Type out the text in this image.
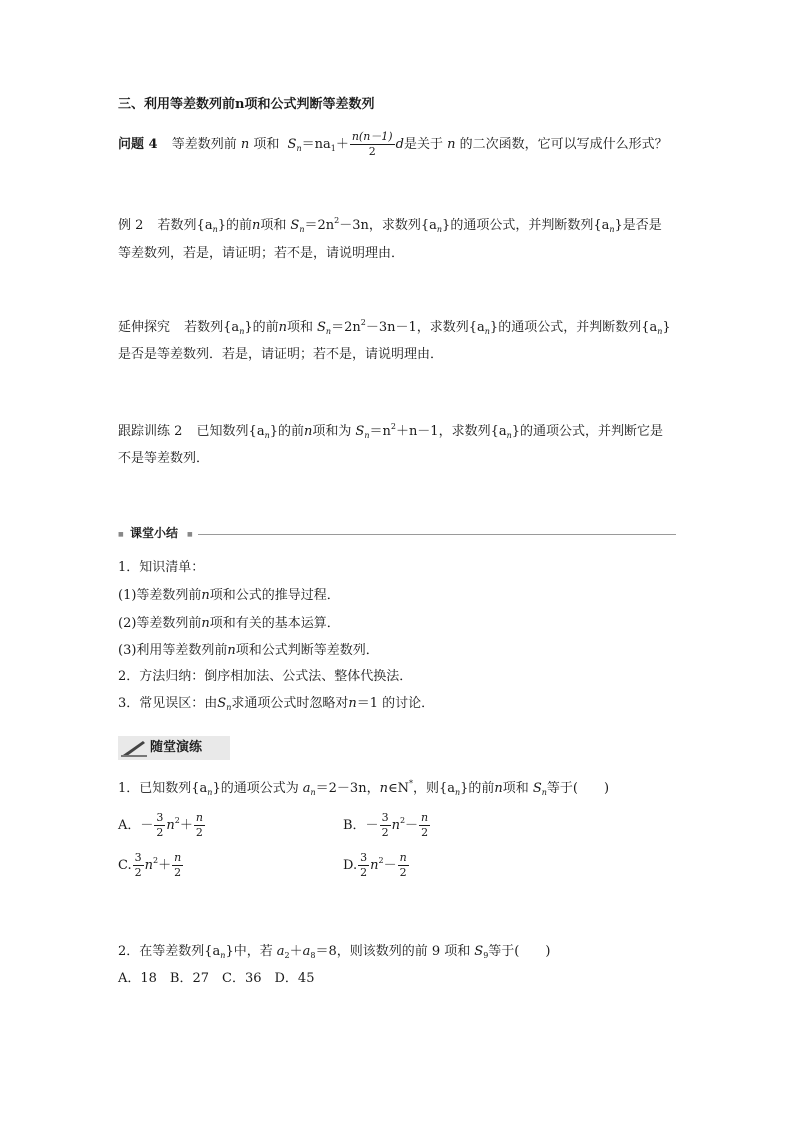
三、利用等差数列前n项和公式判断等差数列
问题 4 等差数列前 n 项和 $S_n=na_1+ \frac{n(n-1)}{2}$ d是关于 n 的二次函数，它可以写成什么形式？
例 2 若数列$\{a_n\}$的前n项和 $S_n=2n^2-3n$，求数列$\{a_n\}$的通项公式，并判断数列$\{a_n\}$是否是
等差数列，若是，请证明；若不是，请说明理由．
延伸探究 若数列$\{a_n\}$的前n项和 $S_n=2n^2-3n-1$，求数列$\{a_n\}$的通项公式，并判断数列$\{a_n\}$
是否是等差数列．若是，请证明；若不是，请说明理由．
跟踪训练 2 已知数列$\{a_n\}$的前n项和为 $S_n=n^2+n-1$，求数列$\{a_n\}$的通项公式，并判断它是
不是等差数列．
■ 课堂小结 ■
1．知识清单：
(1)等差数列前n项和公式的推导过程．
(2)等差数列前n项和有关的基本运算．
(3)利用等差数列前n项和公式判断等差数列．
2．方法归纳：倒序相加法、公式法、整体代换法．
3．常见误区：由$S_n$求通项公式时忽略对n＝1 的讨论．
随堂演练
1．已知数列$\{a_n\}$的通项公式为 $a_n=2-3n$，n∈N*，则$\{a_n\}$的前n项和 $S_n$等于(　　)
A．－ $\frac{3}{2} n^2+ \frac{n}{2}$	B．－ $\frac{3}{2} n^2- \frac{n}{2}$
C. $\frac{3}{2} n^2+ \frac{n}{2}$	D. $\frac{3}{2} n^2- \frac{n}{2}$
2．在等差数列$\{a_n\}$中，若 $a_2+a_8=8$，则该数列的前 9 项和 $S_9$等于(　　)
A．18　B．27　C．36　D．45
